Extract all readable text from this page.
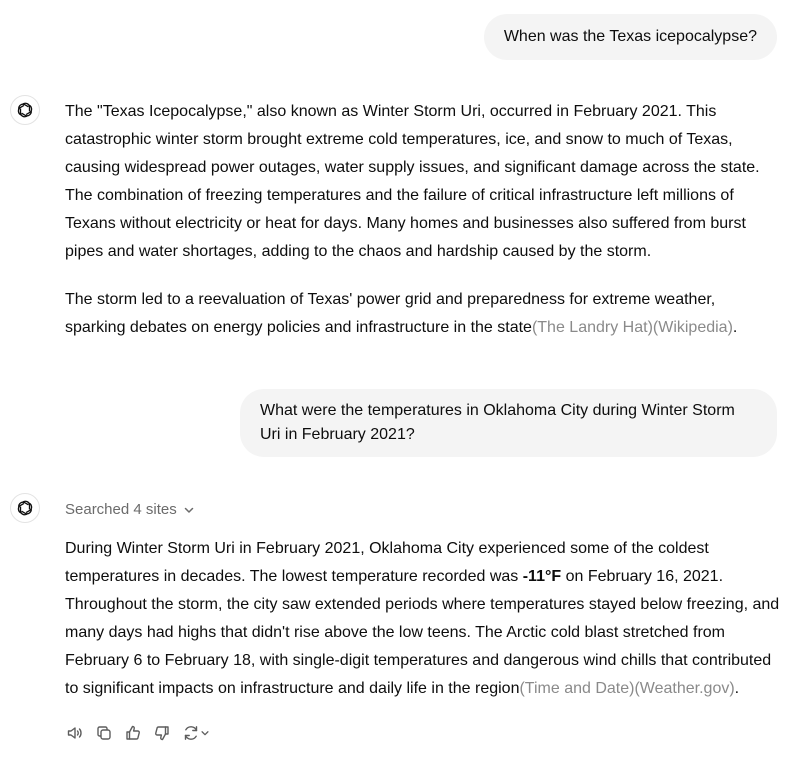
When was the Texas icepocalypse?

The "Texas Icepocalypse," also known as Winter Storm Uri, occurred in February 2021. This catastrophic winter storm brought extreme cold temperatures, ice, and snow to much of Texas, causing widespread power outages, water supply issues, and significant damage across the state. The combination of freezing temperatures and the failure of critical infrastructure left millions of Texans without electricity or heat for days. Many homes and businesses also suffered from burst pipes and water shortages, adding to the chaos and hardship caused by the storm.

The storm led to a reevaluation of Texas' power grid and preparedness for extreme weather, sparking debates on energy policies and infrastructure in the state(The Landry Hat)(Wikipedia).

What were the temperatures in Oklahoma City during Winter Storm Uri in February 2021?
Searched 4 sites

During Winter Storm Uri in February 2021, Oklahoma City experienced some of the coldest temperatures in decades. The lowest temperature recorded was -11°F on February 16, 2021. Throughout the storm, the city saw extended periods where temperatures stayed below freezing, and many days had highs that didn't rise above the low teens. The Arctic cold blast stretched from February 6 to February 18, with single-digit temperatures and dangerous wind chills that contributed to significant impacts on infrastructure and daily life in the region(Time and Date)(Weather.gov).
